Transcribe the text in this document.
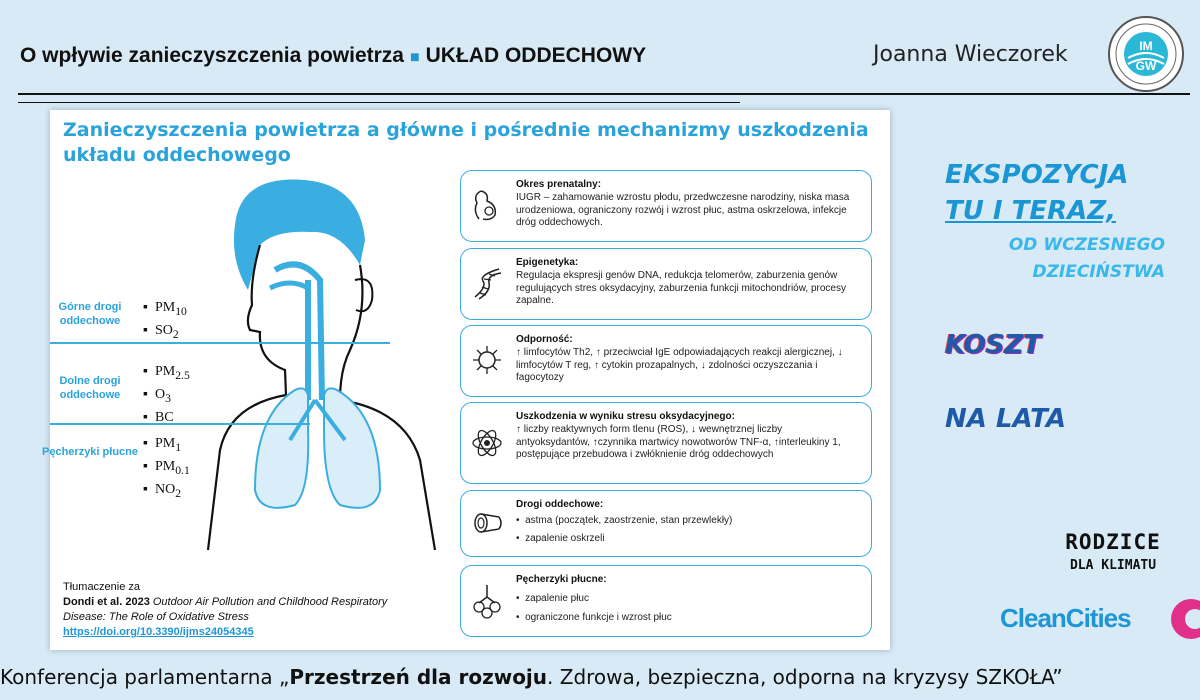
O wpływie zanieczyszczenia powietrza ■ UKŁAD ODDECHOWY	Joanna Wieczorek	IM
GW
Zanieczyszczenia powietrza a główne i pośrednie mechanizmy uszkodzenia układu oddechowego
Górne drogi oddechowe
Dolne drogi oddechowe
Pęcherzyki płucne
▪  $PM_{10}$
▪  $SO_2$
▪  $PM_{2.5}$
▪  $O_3$
▪  BC
▪  $PM_1$
▪  $PM_{0.1}$
▪  $NO_2$
Okres prenatalny:
IUGR – zahamowanie wzrostu płodu, przedwczesne narodziny, niska masa urodzeniowa, ograniczony rozwój i wzrost płuc, astma oskrzelowa, infekcje dróg oddechowych.
Epigenetyka:
Regulacja ekspresji genów DNA, redukcja telomerów, zaburzenia genów regulujących stres oksydacyjny, zaburzenia funkcji mitochondriów, procesy zapalne.
Odporność:
↑ limfocytów Th2, ↑ przeciwciał IgE odpowiadających reakcji alergicznej, ↓ limfocytów T reg, ↑ cytokin prozapalnych, ↓ zdolności oczyszczania i fagocytozy
Uszkodzenia w wyniku stresu oksydacyjnego:
↑ liczby reaktywnych form tlenu (ROS), ↓ wewnętrznej liczby antyoksydantów, ↑czynnika martwicy nowotworów TNF-α, ↑interleukiny 1, postępujące przebudowa i zwłóknienie dróg oddechowych
Drogi oddechowe:
•  astma (początek, zaostrzenie, stan przewlekły)
•  zapalenie oskrzeli
Pęcherzyki płucne:
•  zapalenie płuc
•  ograniczone funkcje i wzrost płuc
Tłumaczenie za
Dondi et al. 2023 Outdoor Air Pollution and Childhood Respiratory
Disease: The Role of Oxidative Stress
https://doi.org/10.3390/ijms24054345
EKSPOZYCJA
TU I TERAZ,
OD WCZESNEGO
DZIECIŃSTWA
KOSZT
NA LATA
RODZICE
DLA KLIMATU
CleanCities
Konferencja parlamentarna „Przestrzeń dla rozwoju. Zdrowa, bezpieczna, odporna na kryzysy SZKOŁA”
